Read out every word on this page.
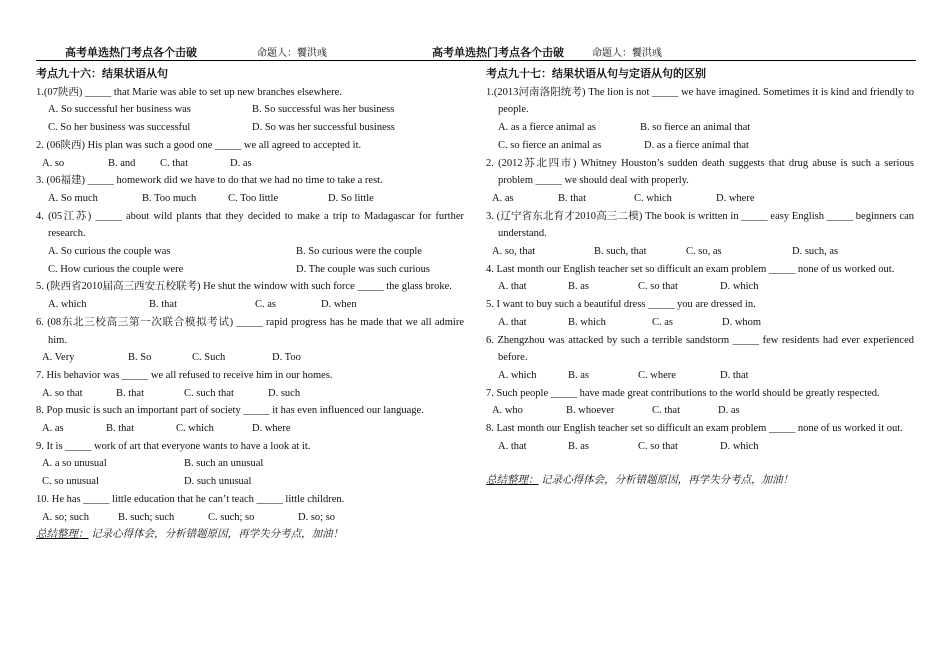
高考单选热门考点各个击破	命题人：饗洪彧	高考单选热门考点各个击破	命题人：饗洪彧
考点九十六：结果状语从句
1.(07陕西) _____ that Marie was able to set up new branches elsewhere.
A. So successful her business was	B. So successful was her business
C. So her business was successful	D. So was her successful business
2. (06陕西) His plan was such a good one _____ we all agreed to accepted it.
A. so	B. and	C. that	D. as
3. (06福建) _____ homework did we have to do that we had no time to take a rest.
A. So much	B. Too much	C. Too little	D. So little
4. (05江苏) _____ about wild plants that they decided to make a trip to Madagascar for further research.
A. So curious the couple was	B. So curious were the couple
C. How curious the couple were	D. The couple was such curious
5. (陕西省2010届高三西安五校联考) He shut the window with such force _____ the glass broke.
A. which	B. that	C. as	D. when
6. (08东北三校高三第一次联合模拟考试) _____ rapid progress has he made that we all admire him.
A. Very	B. So	C. Such	D. Too
7. His behavior was _____ we all refused to receive him in our homes.
A. so that	B. that	C. such that	D. such
8. Pop music is such an important part of society _____ it has even influenced our language.
A. as	B. that	C. which	D. where
9. It is _____ work of art that everyone wants to have a look at it.
A. a so unusual	B. such an unusual
C. so unusual	D. such unusual
10. He has _____ little education that he can’t teach _____ little children.
A. so; such	B. such; such	C. such; so	D. so; so
总结整理： 记录心得体会，分析错题原因，再学失分考点，加油！
考点九十七：结果状语从句与定语从句的区别
1.(2013河南洛阳统考) The lion is not _____ we have imagined. Sometimes it is kind and friendly to people.
A. as a fierce animal as	B. so fierce an animal that
C. so fierce an animal as	D. as a fierce animal that
2. (2012苏北四市) Whitney Houston’s sudden death suggests that drug abuse is such a serious problem _____ we should deal with properly.
A. as	B. that	C. which	D. where
3. (辽宁省东北育才2010高三二模) The book is written in _____ easy English _____ beginners can understand.
A. so, that	B. such, that	C. so, as	D. such, as
4. Last month our English teacher set so difficult an exam problem _____ none of us worked out.
A. that	B. as	C. so that	D. which
5. I want to buy such a beautiful dress _____ you are dressed in.
A. that	B. which	C. as	D. whom
6. Zhengzhou was attacked by such a terrible sandstorm _____ few residents had ever experienced before.
A. which	B. as	C. where	D. that
7. Such people _____ have made great contributions to the world should be greatly respected.
A. who	B. whoever	C. that	D. as
8. Last month our English teacher set so difficult an exam problem _____ none of us worked it out.
A. that	B. as	C. so that	D. which
总结整理： 记录心得体会，分析错题原因，再学失分考点，加油！
